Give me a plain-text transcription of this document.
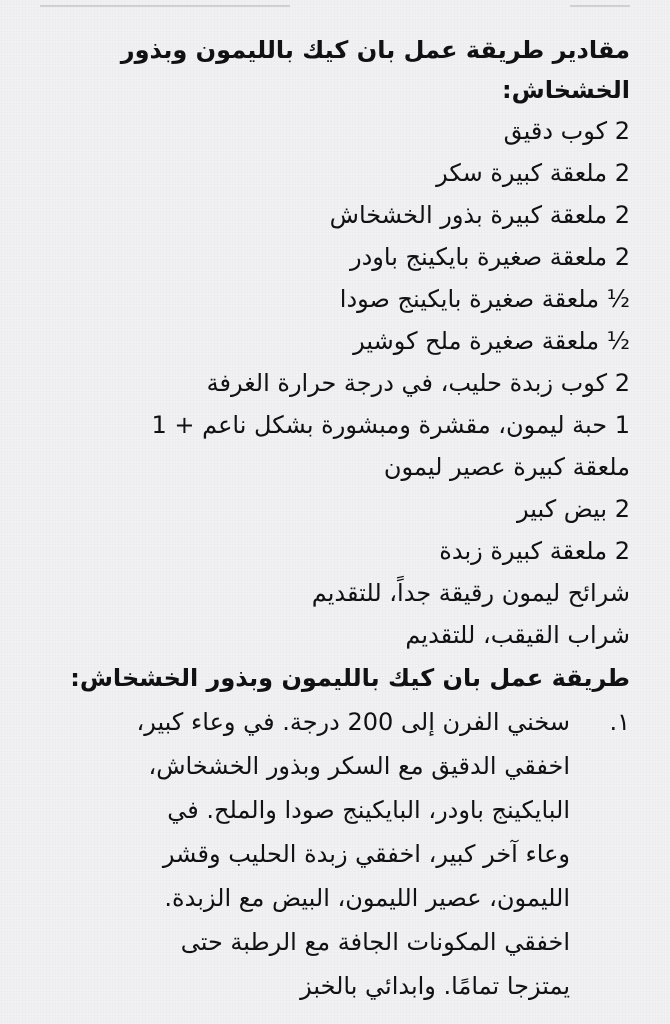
مقادير طريقة عمل بان كيك بالليمون وبذور
الخشخاش:
2 كوب دقيق
2 ملعقة كبيرة سكر
2 ملعقة كبيرة بذور الخشخاش
2 ملعقة صغيرة بايكينج باودر
½ ملعقة صغيرة بايكينج صودا
½ ملعقة صغيرة ملح كوشير
2 كوب زبدة حليب، في درجة حرارة الغرفة
1 حبة ليمون، مقشرة ومبشورة بشكل ناعم + 1
ملعقة كبيرة عصير ليمون
2 بيض كبير
2 ملعقة كبيرة زبدة
شرائح ليمون رقيقة جداً، للتقديم
شراب القيقب، للتقديم
طريقة عمل بان كيك بالليمون وبذور الخشخاش:
١.
سخني الفرن إلى 200 درجة. في وعاء كبير،
اخفقي الدقيق مع السكر وبذور الخشخاش،
البايكينج باودر، البايكينج صودا والملح. في
وعاء آخر كبير، اخفقي زبدة الحليب وقشر
الليمون، عصير الليمون، البيض مع الزبدة.
اخفقي المكونات الجافة مع الرطبة حتى
يمتزجا تمامًا. وابدائي بالخبز
